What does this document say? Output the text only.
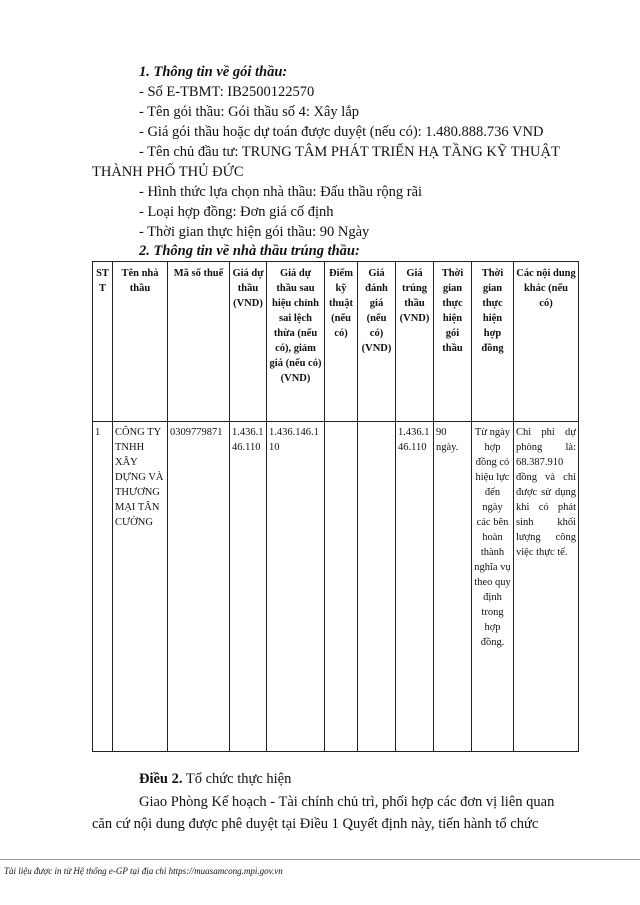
1. Thông tin về gói thầu:
- Số E-TBMT: IB2500122570
- Tên gói thầu: Gói thầu số 4: Xây lắp
- Giá gói thầu hoặc dự toán được duyệt (nếu có): 1.480.888.736 VND
- Tên chủ đầu tư: TRUNG TÂM PHÁT TRIỂN HẠ TẦNG KỸ THUẬT
THÀNH PHỐ THỦ ĐỨC
- Hình thức lựa chọn nhà thầu: Đấu thầu rộng rãi
- Loại hợp đồng: Đơn giá cố định
- Thời gian thực hiện gói thầu: 90 Ngày
2. Thông tin về nhà thầu trúng thầu:
STT	Tên nhà thầu	Mã số thuế	Giá dự thầu (VND)	Giá dự thầu sau hiệu chỉnh sai lệch thừa (nếu có), giảm giá (nếu có) (VND)	Điểm kỹ thuật (nếu có)	Giá đánh giá (nếu có) (VND)	Giá trúng thầu (VND)	Thời gian thực hiện gói thầu	Thời gian thực hiện hợp đồng	Các nội dung khác (nếu có)
1	CÔNG TY TNHH XÂY DỰNG VÀ THƯƠNG MẠI TÂN CƯỜNG	0309779871	1.436.146.110	1.436.146.110			1.436.146.110	90 ngày.	Từ ngày hợp đồng có hiệu lực đến ngày các bên hoàn thành nghĩa vụ theo quy định trong hợp đồng.	Chi phí dự phòng là: 68.387.910 đồng và chỉ được sử dụng khi có phát sinh khối lượng công việc thực tế.
Điều 2. Tổ chức thực hiện
Giao Phòng Kế hoạch - Tài chính chủ trì, phối hợp các đơn vị liên quan
căn cứ nội dung được phê duyệt tại Điều 1 Quyết định này, tiến hành tổ chức
Tài liệu được in từ Hệ thống e-GP tại địa chỉ https://muasamcong.mpi.gov.vn
